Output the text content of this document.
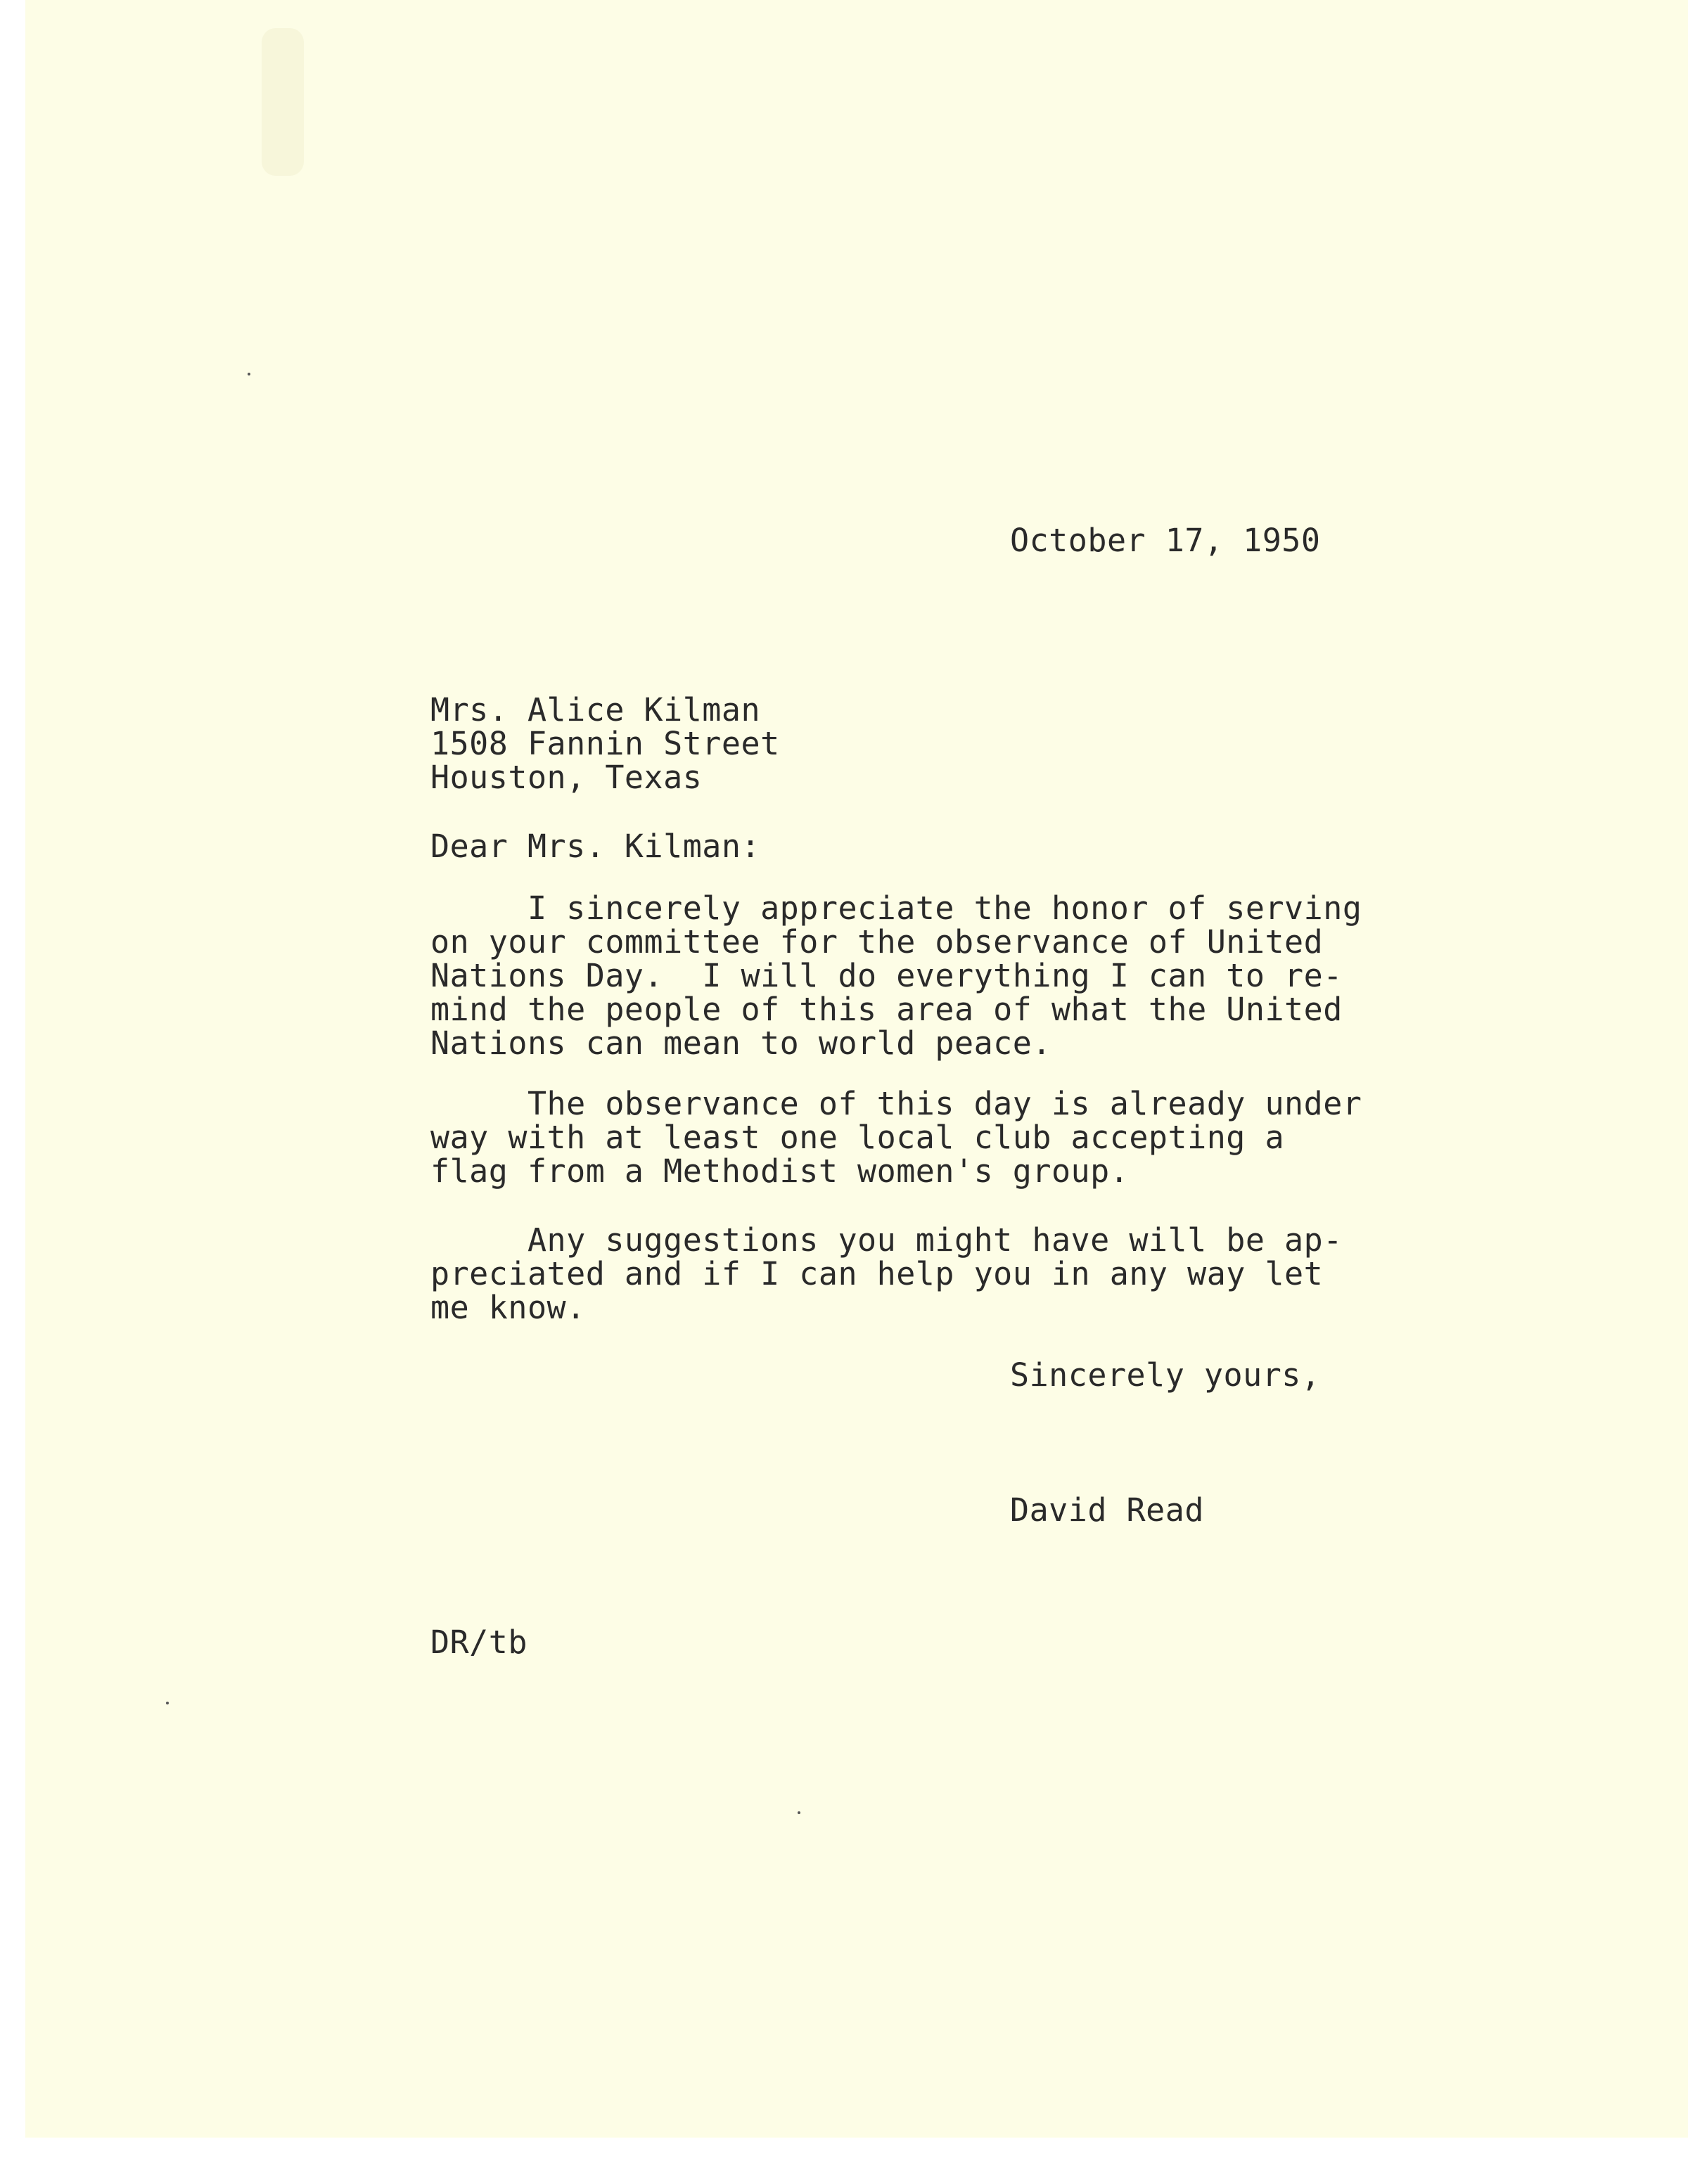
October 17, 1950
Mrs. Alice Kilman
1508 Fannin Street
Houston, Texas
Dear Mrs. Kilman:
I sincerely appreciate the honor of serving
on your committee for the observance of United
Nations Day.  I will do everything I can to re-
mind the people of this area of what the United
Nations can mean to world peace.
The observance of this day is already under
way with at least one local club accepting a
flag from a Methodist women's group.
Any suggestions you might have will be ap-
preciated and if I can help you in any way let
me know.
Sincerely yours,
David Read
DR/tb
